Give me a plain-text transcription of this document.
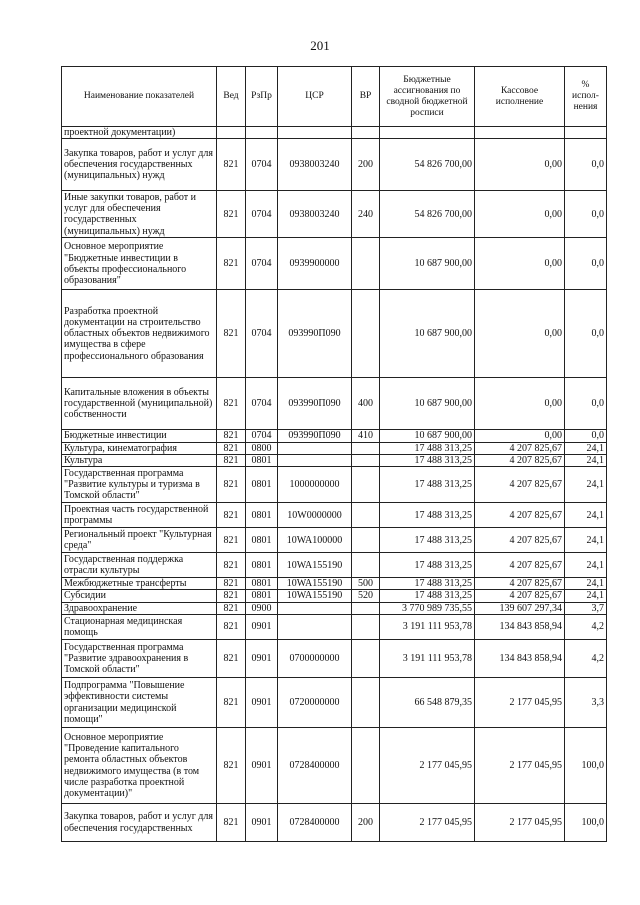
201
Наименование показателей	Вед	РзПр	ЦСР	ВР	Бюджетные ассигнования по сводной бюджетной росписи	Кассовое исполнение	% испол-нения
проектной документации)							
Закупка товаров, работ и услуг для обеспечения государственных (муниципальных) нужд	821	0704	0938003240	200	54 826 700,00	0,00	0,0
Иные закупки товаров, работ и услуг для обеспечения государственных (муниципальных) нужд	821	0704	0938003240	240	54 826 700,00	0,00	0,0
Основное мероприятие "Бюджетные инвестиции в объекты профессионального образования"	821	0704	0939900000		10 687 900,00	0,00	0,0
Разработка проектной документации на строительство областных объектов недвижимого имущества в сфере профессионального образования	821	0704	093990П090		10 687 900,00	0,00	0,0
Капитальные вложения в объекты государственной (муниципальной) собственности	821	0704	093990П090	400	10 687 900,00	0,00	0,0
Бюджетные инвестиции	821	0704	093990П090	410	10 687 900,00	0,00	0,0
Культура, кинематография	821	0800			17 488 313,25	4 207 825,67	24,1
Культура	821	0801			17 488 313,25	4 207 825,67	24,1
Государственная программа "Развитие культуры и туризма в Томской области"	821	0801	1000000000		17 488 313,25	4 207 825,67	24,1
Проектная часть государственной программы	821	0801	10W0000000		17 488 313,25	4 207 825,67	24,1
Региональный проект "Культурная среда"	821	0801	10WA100000		17 488 313,25	4 207 825,67	24,1
Государственная поддержка отрасли культуры	821	0801	10WA155190		17 488 313,25	4 207 825,67	24,1
Межбюджетные трансферты	821	0801	10WA155190	500	17 488 313,25	4 207 825,67	24,1
Субсидии	821	0801	10WA155190	520	17 488 313,25	4 207 825,67	24,1
Здравоохранение	821	0900			3 770 989 735,55	139 607 297,34	3,7
Стационарная медицинская помощь	821	0901			3 191 111 953,78	134 843 858,94	4,2
Государственная программа "Развитие здравоохранения в Томской области"	821	0901	0700000000		3 191 111 953,78	134 843 858,94	4,2
Подпрограмма "Повышение эффективности системы организации медицинской помощи"	821	0901	0720000000		66 548 879,35	2 177 045,95	3,3
Основное мероприятие "Проведение капитального ремонта областных объектов недвижимого имущества (в том числе разработка проектной документации)"	821	0901	0728400000		2 177 045,95	2 177 045,95	100,0
Закупка товаров, работ и услуг для обеспечения государственных	821	0901	0728400000	200	2 177 045,95	2 177 045,95	100,0
